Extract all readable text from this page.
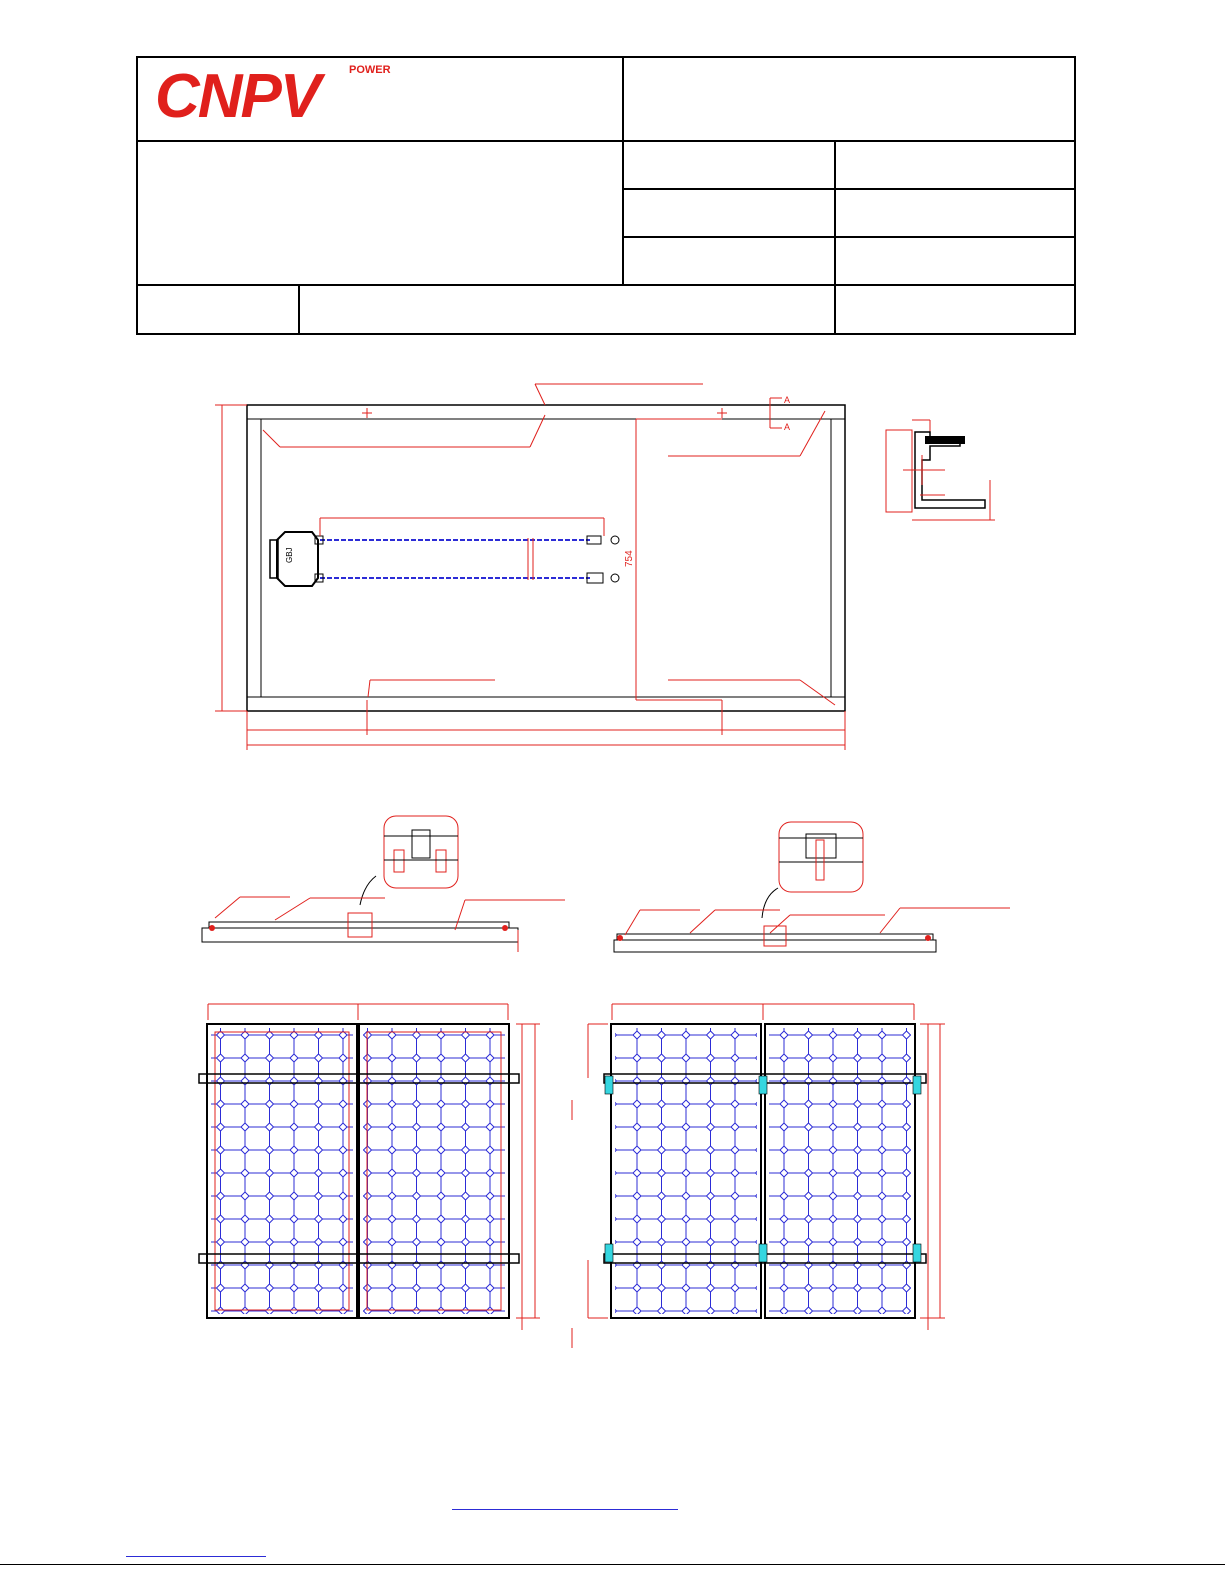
CNPV	POWER
GBJ	754
A
A
